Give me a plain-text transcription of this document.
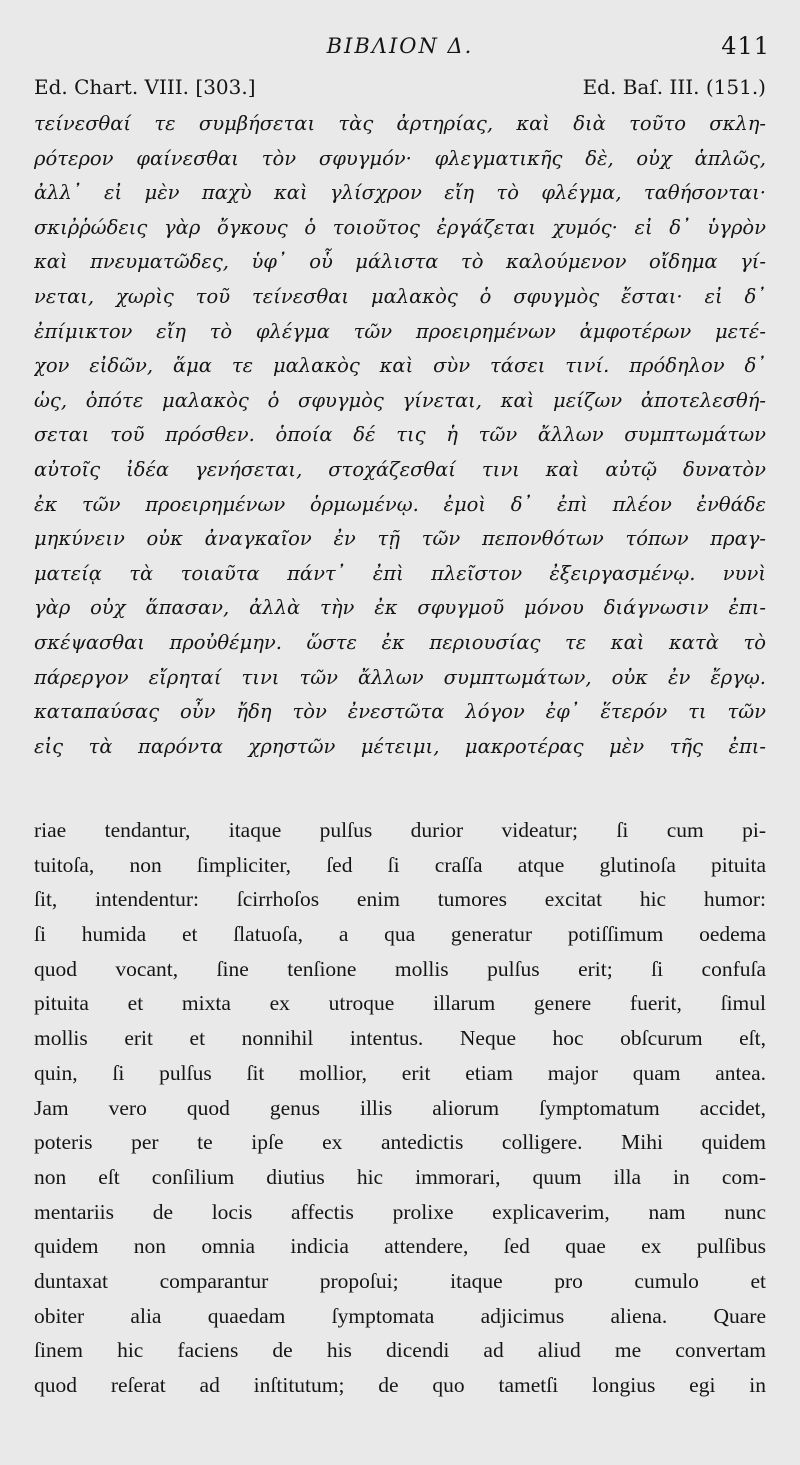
BIBΛΙΟΝ Δ.	411
Ed. Chart. VIII. [303.]	Ed. Baſ. III. (151.)
τείνεσθαί τε συμβήσεται τὰς ἀρτηρίας, καὶ διὰ τοῦτο σκλη-
ρότερον φαίνεσθαι τὸν σφυγμόν· φλεγματικῆς δὲ, οὐχ ἁπλῶς,
ἀλλ᾽ εἰ μὲν παχὺ καὶ γλίσχρον εἴη τὸ φλέγμα, ταθήσονται·
σκιῤῥώδεις γὰρ ὄγκους ὁ τοιοῦτος ἐργάζεται χυμός· εἰ δ᾽ ὑγρὸν
καὶ πνευματῶδες, ὑφ᾽ οὗ μάλιστα τὸ καλούμενον οἴδημα γί-
νεται, χωρὶς τοῦ τείνεσθαι μαλακὸς ὁ σφυγμὸς ἔσται· εἰ δ᾽
ἐπίμικτον εἴη τὸ φλέγμα τῶν προειρημένων ἀμφοτέρων μετέ-
χον εἰδῶν, ἅμα τε μαλακὸς καὶ σὺν τάσει τινί. πρόδηλον δ᾽
ὡς, ὁπότε μαλακὸς ὁ σφυγμὸς γίνεται, καὶ μείζων ἀποτελεσθή-
σεται τοῦ πρόσθεν. ὁποία δέ τις ἡ τῶν ἄλλων συμπτωμάτων
αὐτοῖς ἰδέα γενήσεται, στοχάζεσθαί τινι καὶ αὐτῷ δυνατὸν
ἐκ τῶν προειρημένων ὁρμωμένῳ. ἐμοὶ δ᾽ ἐπὶ πλέον ἐνθάδε
μηκύνειν οὐκ ἀναγκαῖον ἐν τῇ τῶν πεπονθότων τόπων πραγ-
ματείᾳ τὰ τοιαῦτα πάντ᾽ ἐπὶ πλεῖστον ἐξειργασμένῳ. νυνὶ
γὰρ οὐχ ἅπασαν, ἀλλὰ τὴν ἐκ σφυγμοῦ μόνου διάγνωσιν ἐπι-
σκέψασθαι προὐθέμην. ὥστε ἐκ περιουσίας τε καὶ κατὰ τὸ
πάρεργον εἴρηταί τινι τῶν ἄλλων συμπτωμάτων, οὐκ ἐν ἔργῳ.
καταπαύσας οὖν ἤδη τὸν ἐνεστῶτα λόγον ἐφ᾽ ἕτερόν τι τῶν
εἰς τὰ παρόντα χρηστῶν μέτειμι, μακροτέρας μὲν τῆς ἐπι-
riae tendantur, itaque pulſus durior videatur; ſi cum pi-
tuitoſa, non ſimpliciter, ſed ſi craſſa atque glutinoſa pituita
ſit, intendentur: ſcirrhoſos enim tumores excitat hic humor:
ſi humida et ſlatuoſa, a qua generatur potiſſimum oedema
quod vocant, ſine tenſione mollis pulſus erit; ſi confuſa
pituita et mixta ex utroque illarum genere fuerit, ſimul
mollis erit et nonnihil intentus. Neque hoc obſcurum eſt,
quin, ſi pulſus ſit mollior, erit etiam major quam antea.
Jam vero quod genus illis aliorum ſymptomatum accidet,
poteris per te ipſe ex antedictis colligere. Mihi quidem
non eſt conſilium diutius hic immorari, quum illa in com-
mentariis de locis affectis prolixe explicaverim, nam nunc
quidem non omnia indicia attendere, ſed quae ex pulſibus
duntaxat comparantur propoſui; itaque pro cumulo et
obiter alia quaedam ſymptomata adjicimus aliena. Quare
ſinem hic faciens de his dicendi ad aliud me convertam
quod reſerat ad inſtitutum; de quo tametſi longius egi in
